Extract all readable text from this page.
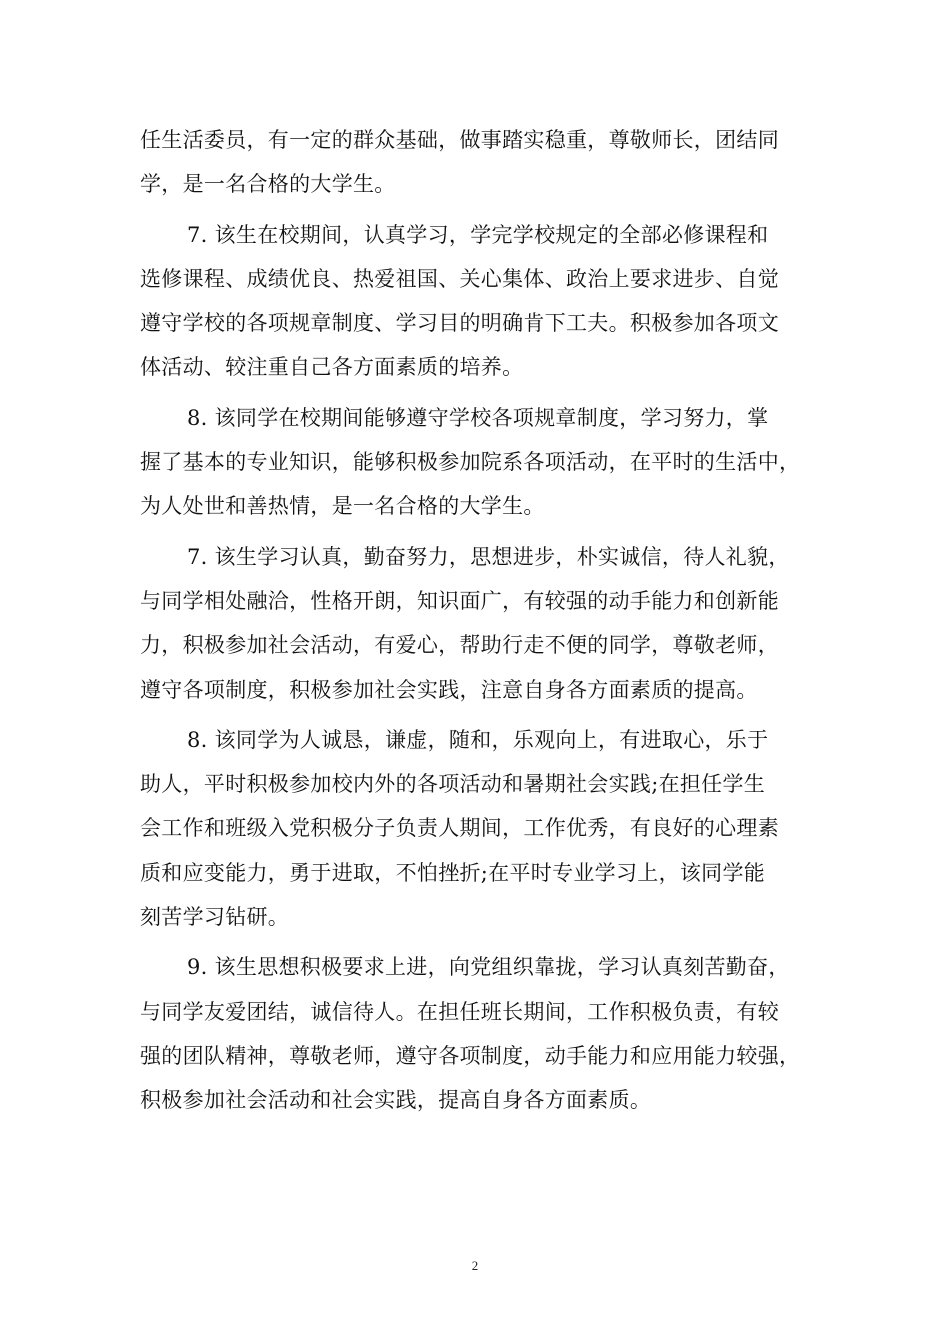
任生活委员，有一定的群众基础，做事踏实稳重，尊敬师长，团结同
学，是一名合格的大学生。

7. 该生在校期间，认真学习，学完学校规定的全部必修课程和
选修课程、成绩优良、热爱祖国、关心集体、政治上要求进步、自觉
遵守学校的各项规章制度、学习目的明确肯下工夫。积极参加各项文
体活动、较注重自己各方面素质的培养。

8. 该同学在校期间能够遵守学校各项规章制度，学习努力，掌
握了基本的专业知识，能够积极参加院系各项活动，在平时的生活中，
为人处世和善热情，是一名合格的大学生。

7. 该生学习认真，勤奋努力，思想进步，朴实诚信，待人礼貌，
与同学相处融洽，性格开朗，知识面广，有较强的动手能力和创新能
力，积极参加社会活动，有爱心，帮助行走不便的同学，尊敬老师，
遵守各项制度，积极参加社会实践，注意自身各方面素质的提高。

8. 该同学为人诚恳，谦虚，随和，乐观向上，有进取心，乐于
助人，平时积极参加校内外的各项活动和暑期社会实践;在担任学生
会工作和班级入党积极分子负责人期间，工作优秀，有良好的心理素
质和应变能力，勇于进取，不怕挫折;在平时专业学习上，该同学能
刻苦学习钻研。

9. 该生思想积极要求上进，向党组织靠拢，学习认真刻苦勤奋，
与同学友爱团结，诚信待人。在担任班长期间，工作积极负责，有较
强的团队精神，尊敬老师，遵守各项制度，动手能力和应用能力较强，
积极参加社会活动和社会实践，提高自身各方面素质。

2
